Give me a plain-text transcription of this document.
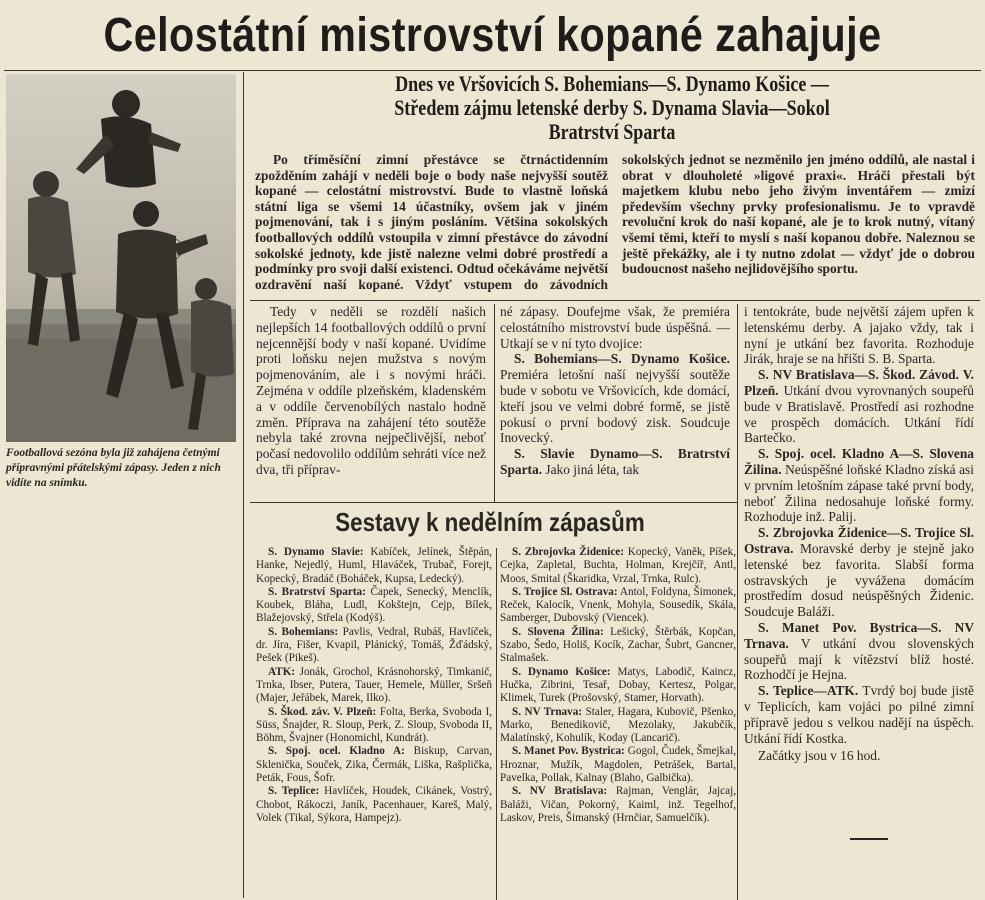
Celostátní mistrovství kopané zahajuje
Footballová sezóna byla již zahájena četnými přípravnými přátelskými zápasy. Jeden z nich vidíte na snímku.
Dnes ve Vršovicích S. Bohemians—S. Dynamo Košice —
Středem zájmu letenské derby S. Dynama Slavia—Sokol
Bratrství Sparta

Po tříměsíční zimní přestávce se čtrnáctidenním zpožděním zahájí v neděli boje o body naše nejvyšší soutěž kopané — celostátní mistrovství. Bude to vlastně loňská státní liga se všemi 14 účastníky, ovšem jak v jiném pojmenování, tak i s jiným posláním. Většina sokolských footballových oddílů vstoupila v zimní přestávce do závodní sokolské jednoty, kde jistě nalezne velmi dobré prostředí a podmínky pro svoji další existenci. Odtud očekáváme největší ozdravění naší kopané. Vždyť vstupem do závodních sokolských jednot se nezměnilo jen jméno oddílů, ale nastal i obrat v dlouholeté »ligové praxi«. Hráči přestali být majetkem klubu nebo jeho živým inventářem — zmizí především všechny prvky profesionalismu. Je to vpravdě revoluční krok do naší kopané, ale je to krok nutný, vítaný všemi těmi, kteří to myslí s naší kopanou dobře. Naleznou se ještě překážky, ale i ty nutno zdolat — vždyť jde o dobrou budoucnost našeho nejlidovějšího sportu.

Tedy v neděli se rozdělí našich nejlepších 14 footballových oddílů o první nejcennější body v naší kopané. Uvidíme proti loňsku nejen mužstva s novým pojmenováním, ale i s novými hráči. Zejména v oddíle plzeňském, kladenském a v oddíle červenobílých nastalo hodně změn. Příprava na zahájení této soutěže nebyla také zrovna nejpečlivější, neboť počasí nedovolilo oddílům sehráti více než dva, tři příprav-

né zápasy. Doufejme však, že premiéra celostátního mistrovství bude úspěšná. — Utkají se v ní tyto dvojice:

S. Bohemians—S. Dynamo Košice. Premiéra letošní naší nejvyšší soutěže bude v sobotu ve Vršovicích, kde domácí, kteří jsou ve velmi dobré formě, se jistě pokusí o první bodový zisk. Soudcuje Inovecký.

S. Slavie Dynamo—S. Bratrství Sparta. Jako jiná léta, tak

i tentokráte, bude největší zájem upřen k letenskému derby. A jajako vždy, tak i nyní je utkání bez favorita. Rozhoduje Jirák, hraje se na hřišti S. B. Sparta.

S. NV Bratislava—S. Škod. Závod. V. Plzeň. Utkání dvou vyrovnaných soupeřů bude v Bratislavě. Prostředí asi rozhodne ve prospěch domácích. Utkání řídí Bartečko.

S. Spoj. ocel. Kladno A—S. Slovena Žilina. Neúspěšné loňské Kladno získá asi v prvním letošním zápase také první body, neboť Žilina nedosahuje loňské formy. Rozhoduje inž. Palij.

S. Zbrojovka Židenice—S. Trojice Sl. Ostrava. Moravské derby je stejně jako letenské bez favorita. Slabší forma ostravských je vyvážena domácím prostředím dosud neúspěšných Židenic. Soudcuje Baláži.

S. Manet Pov. Bystrica—S. NV Trnava. V utkání dvou slovenských soupeřů mají k vítězství blíž hosté. Rozhodčí je Hejna.

S. Teplice—ATK. Tvrdý boj bude jistě v Teplicích, kam vojáci po pilné zimní přípravě jedou s velkou nadějí na úspěch. Utkání řídí Kostka.

Začátky jsou v 16 hod.

Sestavy k nedělním zápasům

S. Dynamo Slavie: Kabíček, Jelínek, Štěpán, Hanke, Nejedlý, Huml, Hlaváček, Trubač, Forejt, Kopecký, Bradáč (Boháček, Kupsa, Ledecký).

S. Bratrství Sparta: Čapek, Senecký, Menclík, Koubek, Bláha, Ludl, Kokštejn, Cejp, Bílek, Blažejovský, Střela (Kodýš).

S. Bohemians: Pavlis, Vedral, Rubáš, Havlíček, dr. Jíra, Fišer, Kvapil, Plánický, Tomáš, Žďádský, Pešek (Pikeš).

ATK: Jonák, Grochol, Krásnohorský, Timkanič, Trnka, Ibser, Putera, Tauer, Hemele, Müller, Sršeň (Majer, Jeřábek, Marek, Ilko).

S. Škod. záv. V. Plzeň: Folta, Berka, Svoboda I, Süss, Šnajder, R. Sloup, Perk, Z. Sloup, Svoboda II, Böhm, Švajner (Honomichl, Kundrát).

S. Spoj. ocel. Kladno A: Biskup, Carvan, Sklenička, Souček, Zika, Čermák, Liška, Rašplička, Peták, Fous, Šofr.

S. Teplice: Havlíček, Houdek, Cikánek, Vostrý, Chobot, Rákoczi, Janík, Pacenhauer, Kareš, Malý, Volek (Tikal, Sýkora, Hampejz).

S. Zbrojovka Židenice: Kopecký, Vaněk, Píšek, Cejka, Zapletal, Buchta, Holman, Krejčíř, Antl, Moos, Smital (Škaridka, Vrzal, Trnka, Rulc).

S. Trojice Sl. Ostrava: Antol, Foldyna, Šimonek, Reček, Kalocík, Vnenk, Mohyla, Sousedík, Skála, Samberger, Dubovský (Viencek).

S. Slovena Žilina: Lešický, Štěrbák, Kopčan, Szabo, Šedo, Holiš, Kocík, Zachar, Šubrt, Gancner, Stalmašek.

S. Dynamo Košice: Matys, Labodič, Kaincz, Hučka, Zibrini, Tesař, Dobay, Kertesz, Polgar, Klimek, Turek (Prošovský, Stamer, Horvath).

S. NV Trnava: Staler, Hagara, Kubovič, Pšenko, Marko, Benedikovič, Mezolaky, Jakubčík, Malatínský, Kohulík, Koday (Lancarič).

S. Manet Pov. Bystrica: Gogol, Čudek, Šmejkal, Hroznar, Mužík, Magdolen, Petrášek, Bartal, Pavelka, Pollak, Kalnay (Blaho, Galbička).

S. NV Bratislava: Rajman, Venglár, Jajcaj, Baláži, Vičan, Pokorný, Kaiml, inž. Tegelhof, Laskov, Preis, Šimanský (Hrnčiar, Samuelčík).
